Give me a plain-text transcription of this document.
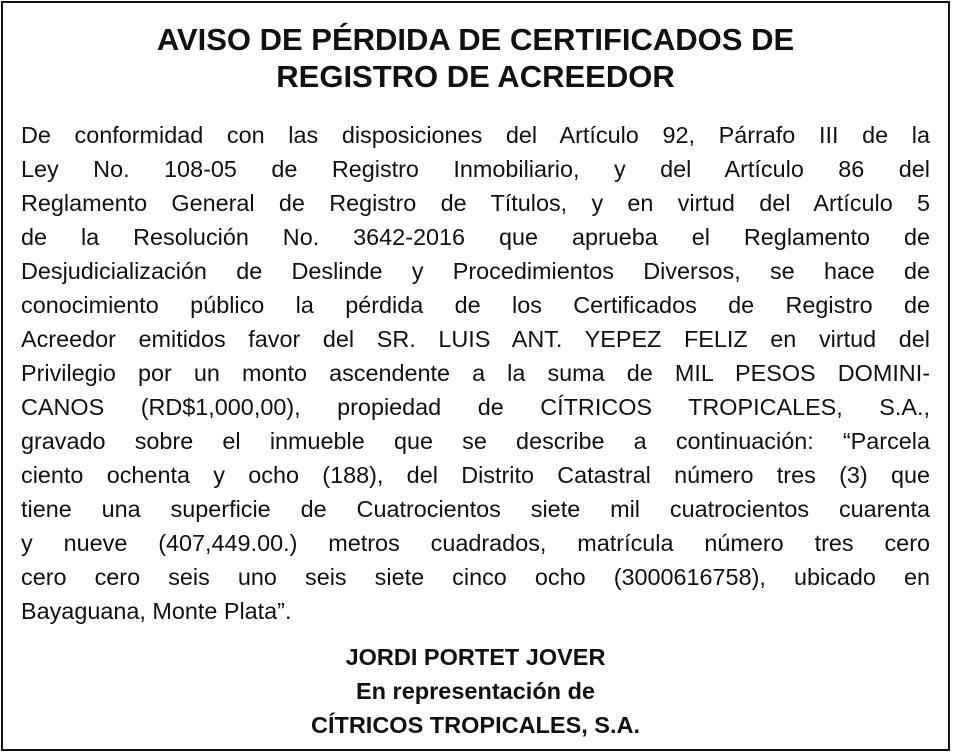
AVISO DE PÉRDIDA DE CERTIFICADOS DE
REGISTRO DE ACREEDOR

De conformidad con las disposiciones del Artículo 92, Párrafo III de la
Ley No. 108-05 de Registro Inmobiliario, y del Artículo 86 del
Reglamento General de Registro de Títulos, y en virtud del Artículo 5
de la Resolución No. 3642-2016 que aprueba el Reglamento de
Desjudicialización de Deslinde y Procedimientos Diversos, se hace de
conocimiento público la pérdida de los Certificados de Registro de
Acreedor emitidos favor del SR. LUIS ANT. YEPEZ FELIZ en virtud del
Privilegio por un monto ascendente a la suma de MIL PESOS DOMINI-
CANOS (RD$1,000,00), propiedad de CÍTRICOS TROPICALES, S.A.,
gravado sobre el inmueble que se describe a continuación: “Parcela
ciento ochenta y ocho (188), del Distrito Catastral número tres (3) que
tiene una superficie de Cuatrocientos siete mil cuatrocientos cuarenta
y nueve (407,449.00.) metros cuadrados, matrícula número tres cero
cero cero seis uno seis siete cinco ocho (3000616758), ubicado en
Bayaguana, Monte Plata”.

JORDI PORTET JOVER
En representación de
CÍTRICOS TROPICALES, S.A.
